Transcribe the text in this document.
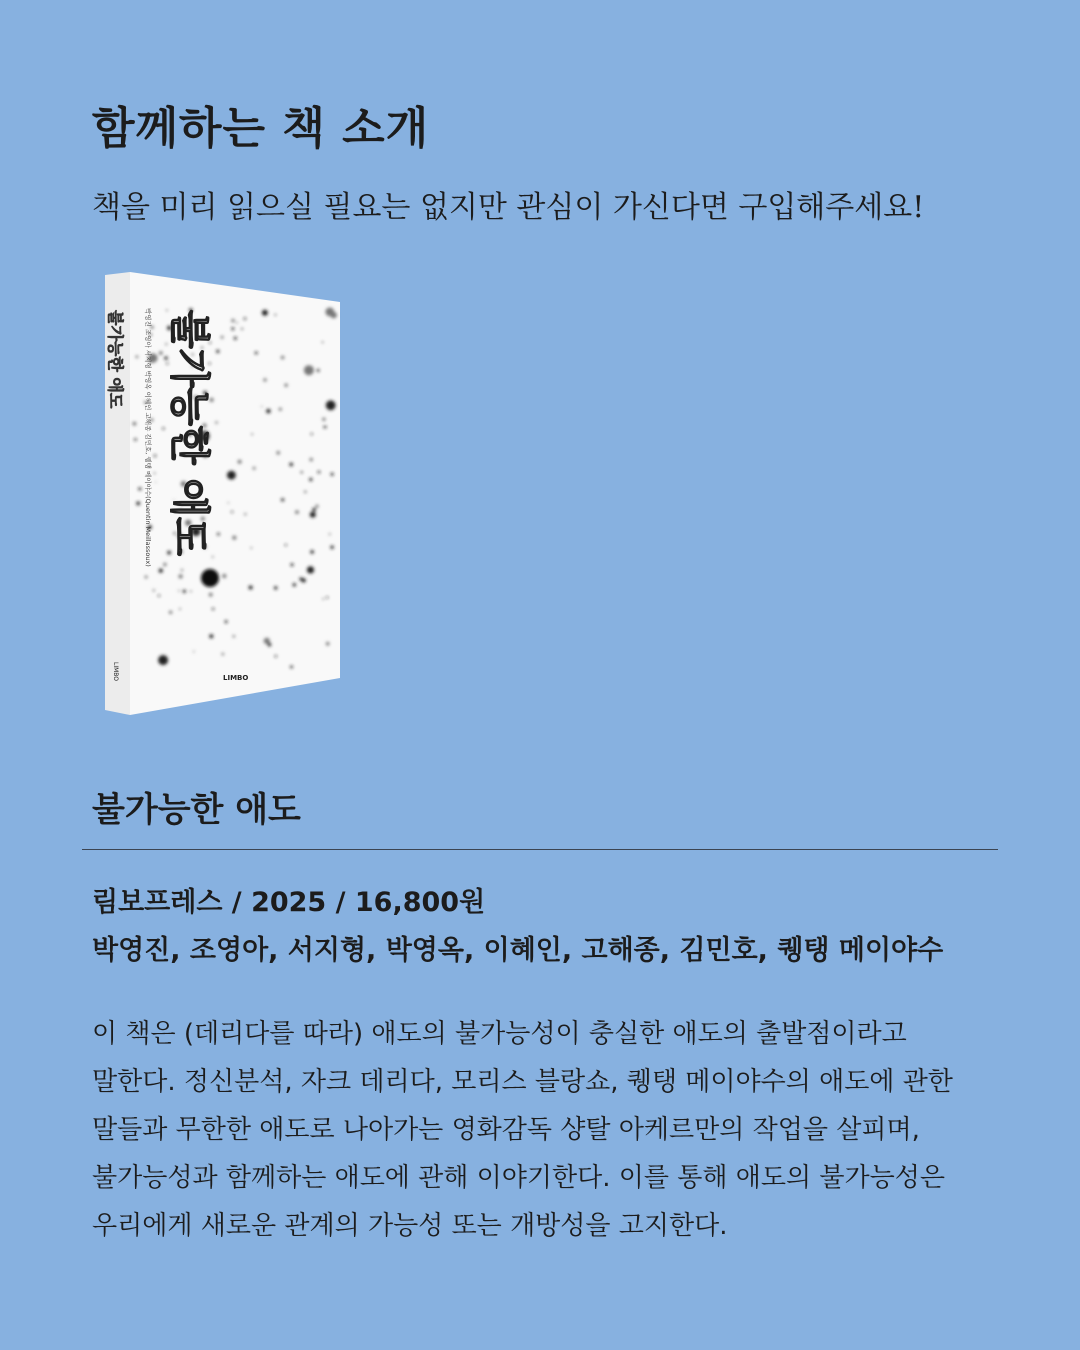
함께하는 책 소개

책을 미리 읽으실 필요는 없지만 관심이 가신다면 구입해주세요!

불가능한 애도
LIMBO
불가능한 애도
박영진 조영아 서지형 박영옥 이혜인 고해종 김민호, 퀭탱 메이야수(Quentin Meillassoux)
LIMBO
불가능한 애도

림보프레스 / 2025 / 16,800원

박영진, 조영아, 서지형, 박영옥, 이혜인, 고해종, 김민호, 퀭탱 메이야수

이 책은 (데리다를 따라) 애도의 불가능성이 충실한 애도의 출발점이라고
말한다. 정신분석, 자크 데리다, 모리스 블랑쇼, 퀭탱 메이야수의 애도에 관한
말들과 무한한 애도로 나아가는 영화감독 샹탈 아케르만의 작업을 살피며,
불가능성과 함께하는 애도에 관해 이야기한다. 이를 통해 애도의 불가능성은
우리에게 새로운 관계의 가능성 또는 개방성을 고지한다.
